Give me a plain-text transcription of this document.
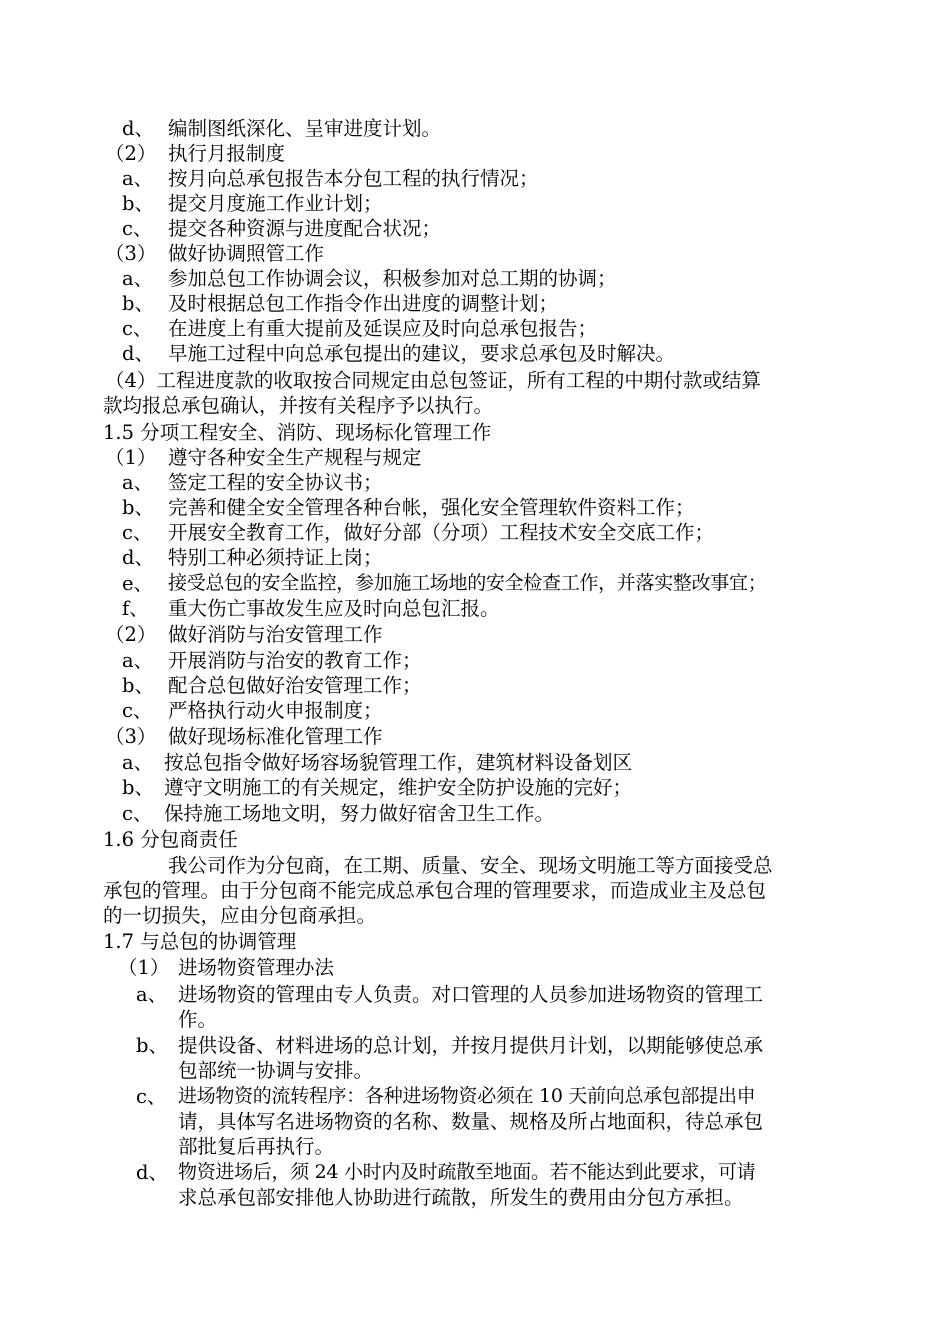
d、 编制图纸深化、呈审进度计划。
（2） 执行月报制度
a、 按月向总承包报告本分包工程的执行情况；
b、 提交月度施工作业计划；
c、 提交各种资源与进度配合状况；
（3） 做好协调照管工作
a、 参加总包工作协调会议，积极参加对总工期的协调；
b、 及时根据总包工作指令作出进度的调整计划；
c、 在进度上有重大提前及延误应及时向总承包报告；
d、 早施工过程中向总承包提出的建议，要求总承包及时解决。
（4）工程进度款的收取按合同规定由总包签证，所有工程的中期付款或结算
款均报总承包确认，并按有关程序予以执行。
1.5 分项工程安全、消防、现场标化管理工作
（1） 遵守各种安全生产规程与规定
a、 签定工程的安全协议书；
b、 完善和健全安全管理各种台帐，强化安全管理软件资料工作；
c、 开展安全教育工作，做好分部（分项）工程技术安全交底工作；
d、 特别工种必须持证上岗；
e、 接受总包的安全监控，参加施工场地的安全检查工作，并落实整改事宜；
f、 重大伤亡事故发生应及时向总包汇报。
（2） 做好消防与治安管理工作
a、 开展消防与治安的教育工作；
b、 配合总包做好治安管理工作；
c、 严格执行动火申报制度；
（3） 做好现场标准化管理工作
a、 按总包指令做好场容场貌管理工作，建筑材料设备划区
b、 遵守文明施工的有关规定，维护安全防护设施的完好；
c、 保持施工场地文明，努力做好宿舍卫生工作。
1.6 分包商责任
我公司作为分包商，在工期、质量、安全、现场文明施工等方面接受总
承包的管理。由于分包商不能完成总承包合理的管理要求，而造成业主及总包
的一切损失，应由分包商承担。
1.7 与总包的协调管理
（1） 进场物资管理办法
a、 进场物资的管理由专人负责。对口管理的人员参加进场物资的管理工
作。
b、 提供设备、材料进场的总计划，并按月提供月计划，以期能够使总承
包部统一协调与安排。
c、 进场物资的流转程序：各种进场物资必须在 10 天前向总承包部提出申
请，具体写名进场物资的名称、数量、规格及所占地面积，待总承包
部批复后再执行。
d、 物资进场后，须 24 小时内及时疏散至地面。若不能达到此要求，可请
求总承包部安排他人协助进行疏散，所发生的费用由分包方承担。
